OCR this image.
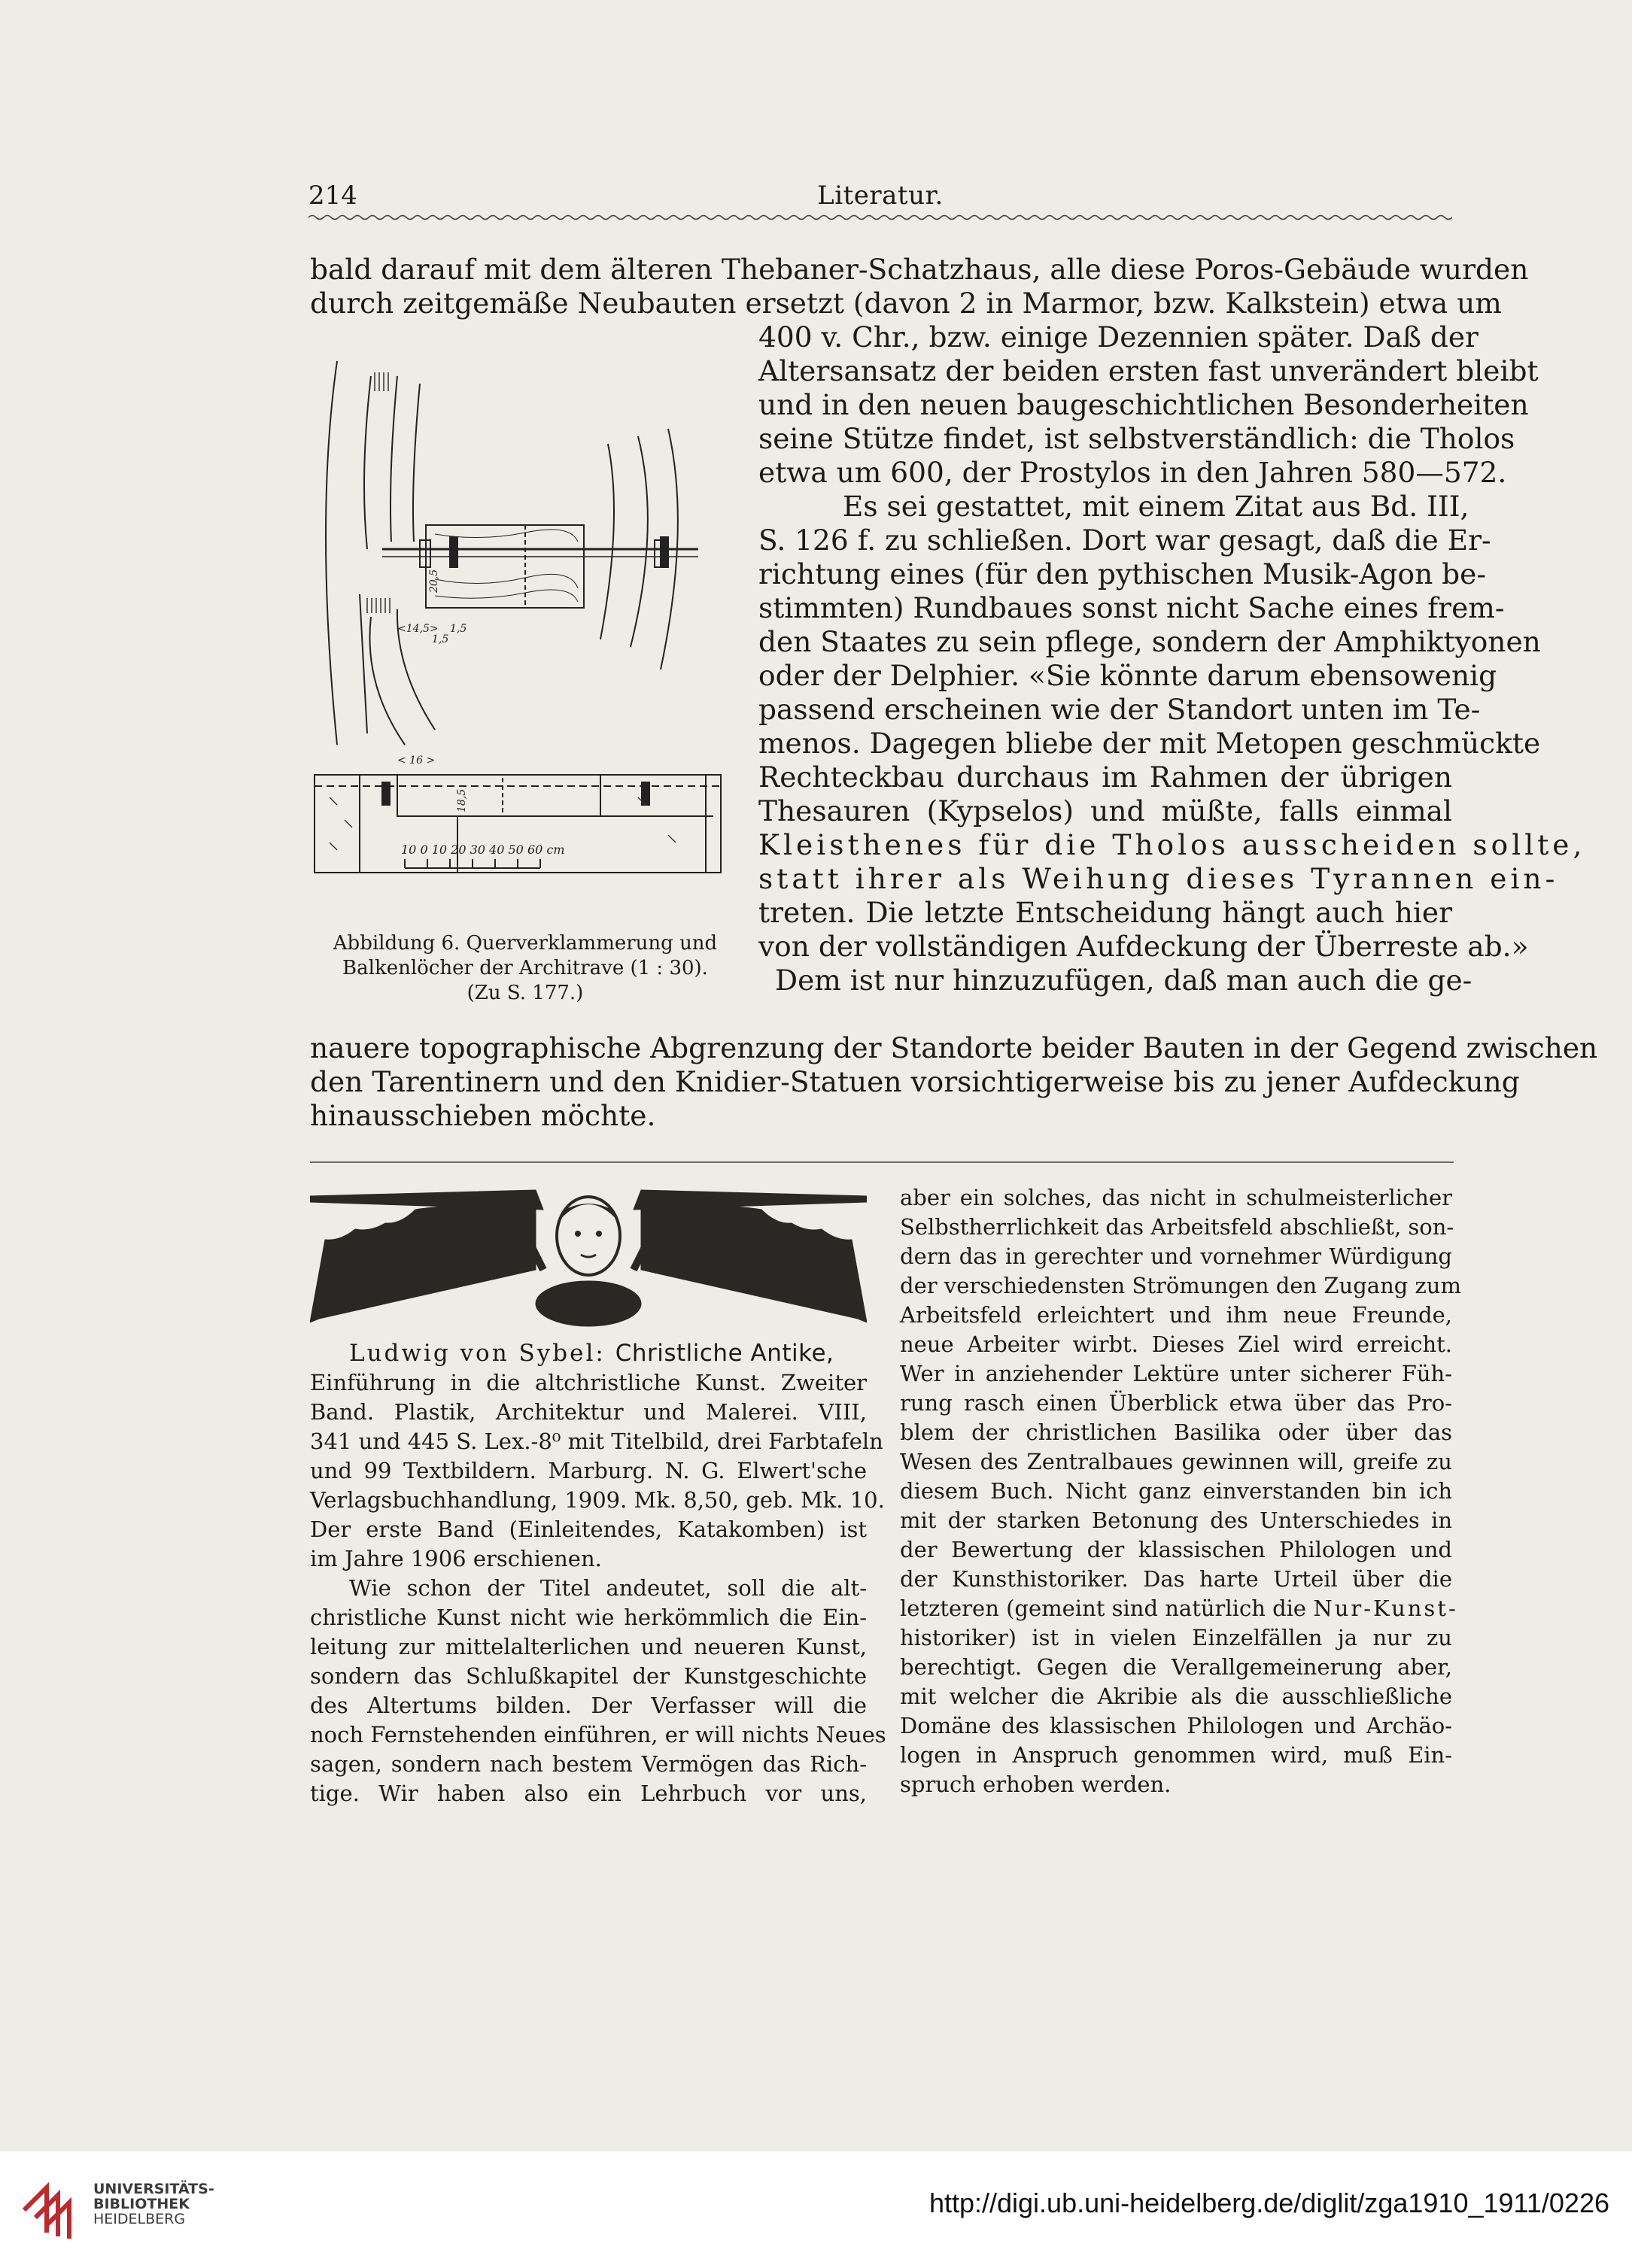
214	Literatur.
bald darauf mit dem älteren Thebaner-Schatzhaus, alle diese Poros-Gebäude wurden
durch zeitgemäße Neubauten ersetzt (davon 2 in Marmor, bzw. Kalkstein) etwa um
400 v. Chr., bzw. einige Dezennien später. Daß der
Altersansatz der beiden ersten fast unverändert bleibt
und in den neuen baugeschichtlichen Besonderheiten
seine Stütze findet, ist selbstverständlich: die Tholos
etwa um 600, der Prostylos in den Jahren 580—572.
Es sei gestattet, mit einem Zitat aus Bd. III,
S. 126 f. zu schließen. Dort war gesagt, daß die Er-
richtung eines (für den pythischen Musik-Agon be-
stimmten) Rundbaues sonst nicht Sache eines frem-
den Staates zu sein pflege, sondern der Amphiktyonen
oder der Delphier. «Sie könnte darum ebensowenig
passend erscheinen wie der Standort unten im Te-
menos. Dagegen bliebe der mit Metopen geschmückte
Rechteckbau durchaus im Rahmen der übrigen
Thesauren (Kypselos) und müßte, falls einmal
Kleisthenes für die Tholos ausscheiden sollte,
statt ihrer als Weihung dieses Tyrannen ein-
treten. Die letzte Entscheidung hängt auch hier
von der vollständigen Aufdeckung der Überreste ab.»
Dem ist nur hinzuzufügen, daß man auch die ge-
nauere topographische Abgrenzung der Standorte beider Bauten in der Gegend zwischen
den Tarentinern und den Knidier-Statuen vorsichtigerweise bis zu jener Aufdeckung
hinausschieben möchte.
20,5
<14,5>
1,5
1,5
< 16 >
18,5
10 0 10 20 30 40 50 60 cm
Abbildung 6. Querverklammerung und
Balkenlöcher der Architrave (1 : 30).
(Zu S. 177.)
Ludwig von Sybel: Christliche Antike,
Einführung in die altchristliche Kunst. Zweiter
Band. Plastik, Architektur und Malerei. VIII,
341 und 445 S. Lex.-8⁰ mit Titelbild, drei Farbtafeln
und 99 Textbildern. Marburg. N. G. Elwert'sche
Verlagsbuchhandlung, 1909. Mk. 8,50, geb. Mk. 10.
Der erste Band (Einleitendes, Katakomben) ist
im Jahre 1906 erschienen.
Wie schon der Titel andeutet, soll die alt-
christliche Kunst nicht wie herkömmlich die Ein-
leitung zur mittelalterlichen und neueren Kunst,
sondern das Schlußkapitel der Kunstgeschichte
des Altertums bilden. Der Verfasser will die
noch Fernstehenden einführen, er will nichts Neues
sagen, sondern nach bestem Vermögen das Rich-
tige. Wir haben also ein Lehrbuch vor uns,
aber ein solches, das nicht in schulmeisterlicher
Selbstherrlichkeit das Arbeitsfeld abschließt, son-
dern das in gerechter und vornehmer Würdigung
der verschiedensten Strömungen den Zugang zum
Arbeitsfeld erleichtert und ihm neue Freunde,
neue Arbeiter wirbt. Dieses Ziel wird erreicht.
Wer in anziehender Lektüre unter sicherer Füh-
rung rasch einen Überblick etwa über das Pro-
blem der christlichen Basilika oder über das
Wesen des Zentralbaues gewinnen will, greife zu
diesem Buch. Nicht ganz einverstanden bin ich
mit der starken Betonung des Unterschiedes in
der Bewertung der klassischen Philologen und
der Kunsthistoriker. Das harte Urteil über die
letzteren (gemeint sind natürlich die Nur-Kunst-
historiker) ist in vielen Einzelfällen ja nur zu
berechtigt. Gegen die Verallgemeinerung aber,
mit welcher die Akribie als die ausschließliche
Domäne des klassischen Philologen und Archäo-
logen in Anspruch genommen wird, muß Ein-
spruch erhoben werden.
UNIVERSITÄTS-
BIBLIOTHEK
HEIDELBERG
http://digi.ub.uni-heidelberg.de/diglit/zga1910_1911/0226
